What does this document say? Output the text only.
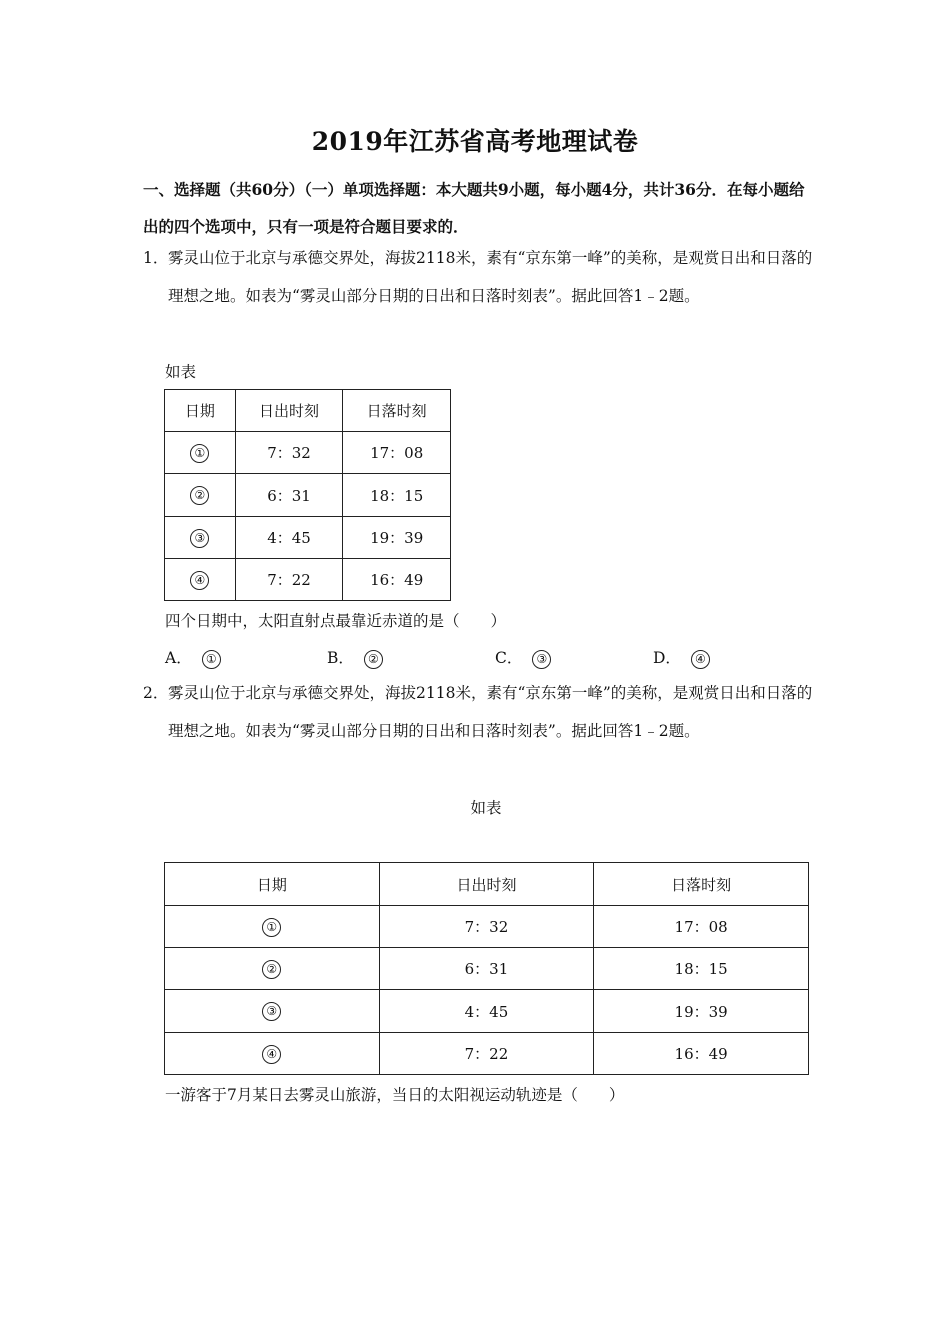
2019年江苏省高考地理试卷
一、选择题（共60分）（一）单项选择题：本大题共9小题，每小题4分，共计36分．在每小题给出的四个选项中，只有一项是符合题目要求的．
1． 雾灵山位于北京与承德交界处，海拔2118米，素有“京东第一峰”的美称，是观赏日出和日落的理想之地。如表为“雾灵山部分日期的日出和日落时刻表”。据此回答1﹣2题。
如表
日期	日出时刻	日落时刻
①	7：32	17：08
②	6：31	18：15
③	4：45	19：39
④	7：22	16：49
四个日期中，太阳直射点最靠近赤道的是（　　）
A． ①	B． ②	C． ③	D． ④
2． 雾灵山位于北京与承德交界处，海拔2118米，素有“京东第一峰”的美称，是观赏日出和日落的理想之地。如表为“雾灵山部分日期的日出和日落时刻表”。据此回答1﹣2题。
如表
日期	日出时刻	日落时刻
①	7：32	17：08
②	6：31	18：15
③	4：45	19：39
④	7：22	16：49
一游客于7月某日去雾灵山旅游，当日的太阳视运动轨迹是（　　）
